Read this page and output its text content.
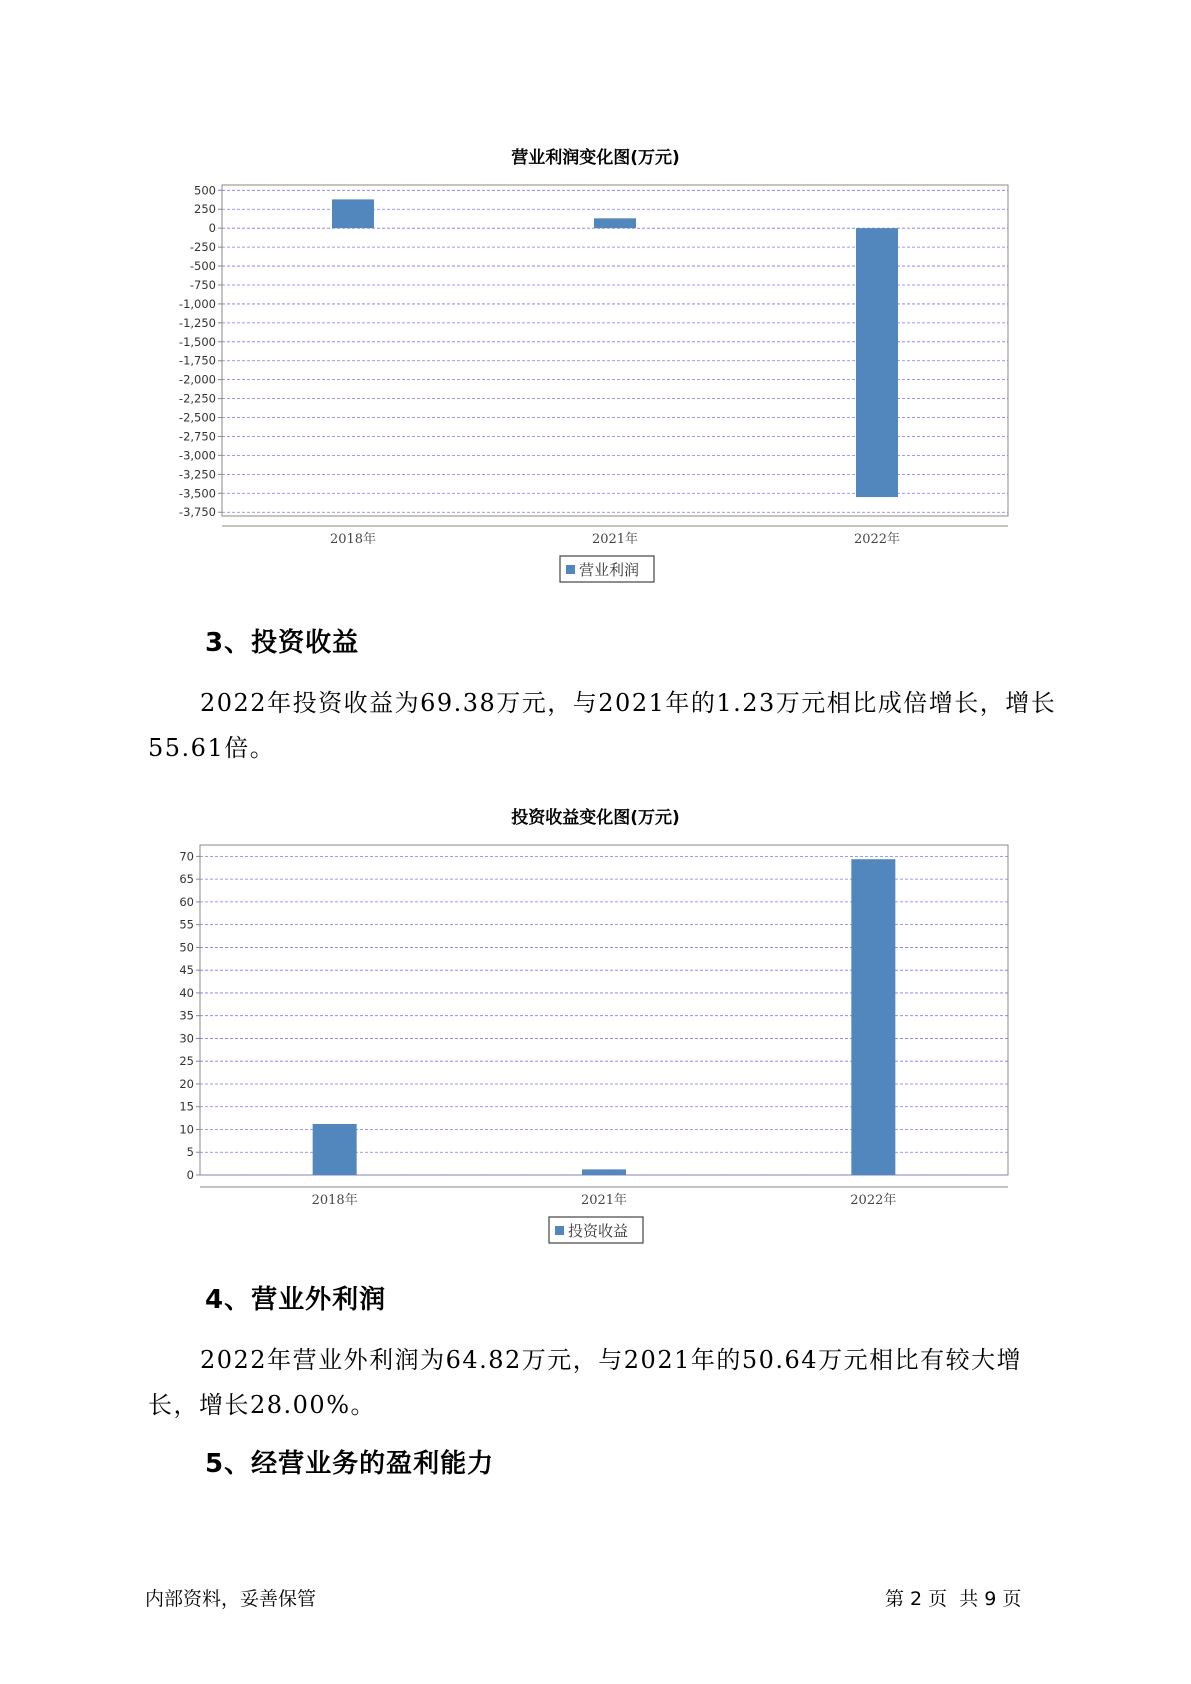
营业利润变化图(万元)
500
250
0
-250
-500
-750
-1,000
-1,250
-1,500
-1,750
-2,000
-2,250
-2,500
-2,750
-3,000
-3,250
-3,500
-3,750
2018年	2021年	2022年
营业利润
3、投资收益

2022年投资收益为69.38万元，与2021年的1.23万元相比成倍增长，增长55.61倍。

投资收益变化图(万元)
70
65
60
55
50
45
40
35
30
25
20
15
10
5
0
2018年	2021年	2022年
投资收益
4、营业外利润

2022年营业外利润为64.82万元，与2021年的50.64万元相比有较大增长，增长28.00%。

5、经营业务的盈利能力
内部资料，妥善保管	第 2 页  共 9 页
